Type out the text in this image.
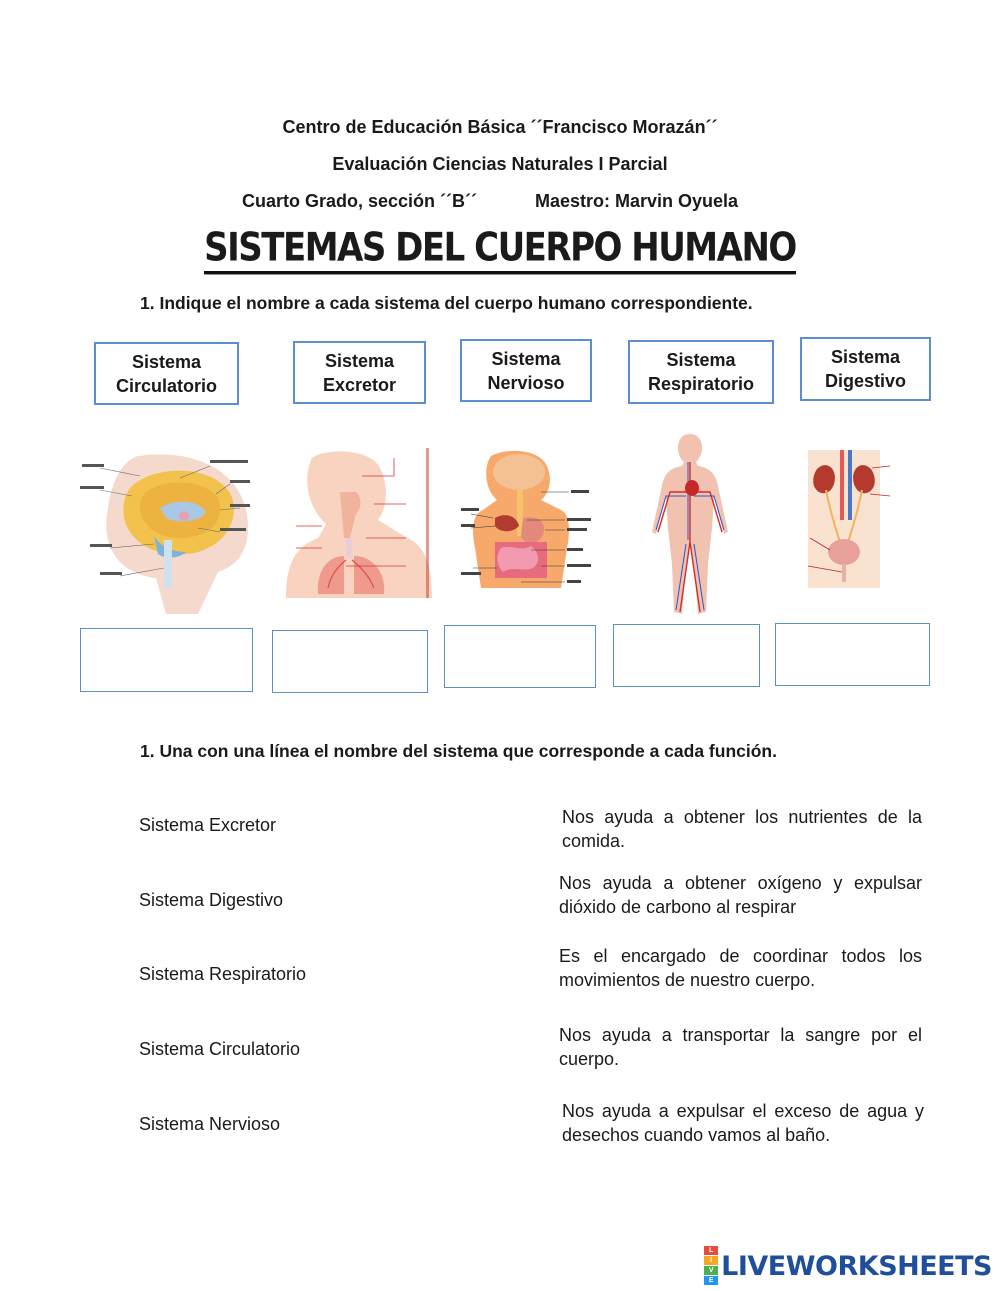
Centro de Educación Básica ´´Francisco Morazán´´
Evaluación Ciencias Naturales I Parcial
Cuarto Grado, sección ´´B´´	Maestro: Marvin Oyuela
SISTEMAS DEL CUERPO HUMANO
1. Indique el nombre a cada sistema del cuerpo humano correspondiente.
Sistema
Circulatorio
Sistema
Excretor
Sistema
Nervioso
Sistema
Respiratorio
Sistema
Digestivo
1. Una con una línea el nombre del sistema que corresponde a cada función.
Sistema Excretor
Sistema Digestivo
Sistema Respiratorio
Sistema Circulatorio
Sistema Nervioso
Nos ayuda a obtener los nutrientes de la comida.
Nos ayuda a obtener oxígeno y expulsar dióxido de carbono al respirar
Es el encargado de coordinar todos los movimientos de nuestro cuerpo.
Nos ayuda a transportar la sangre por el cuerpo.
Nos ayuda a expulsar el exceso de agua y desechos cuando vamos al baño.
L
I
V
E LIVEWORKSHEETS
